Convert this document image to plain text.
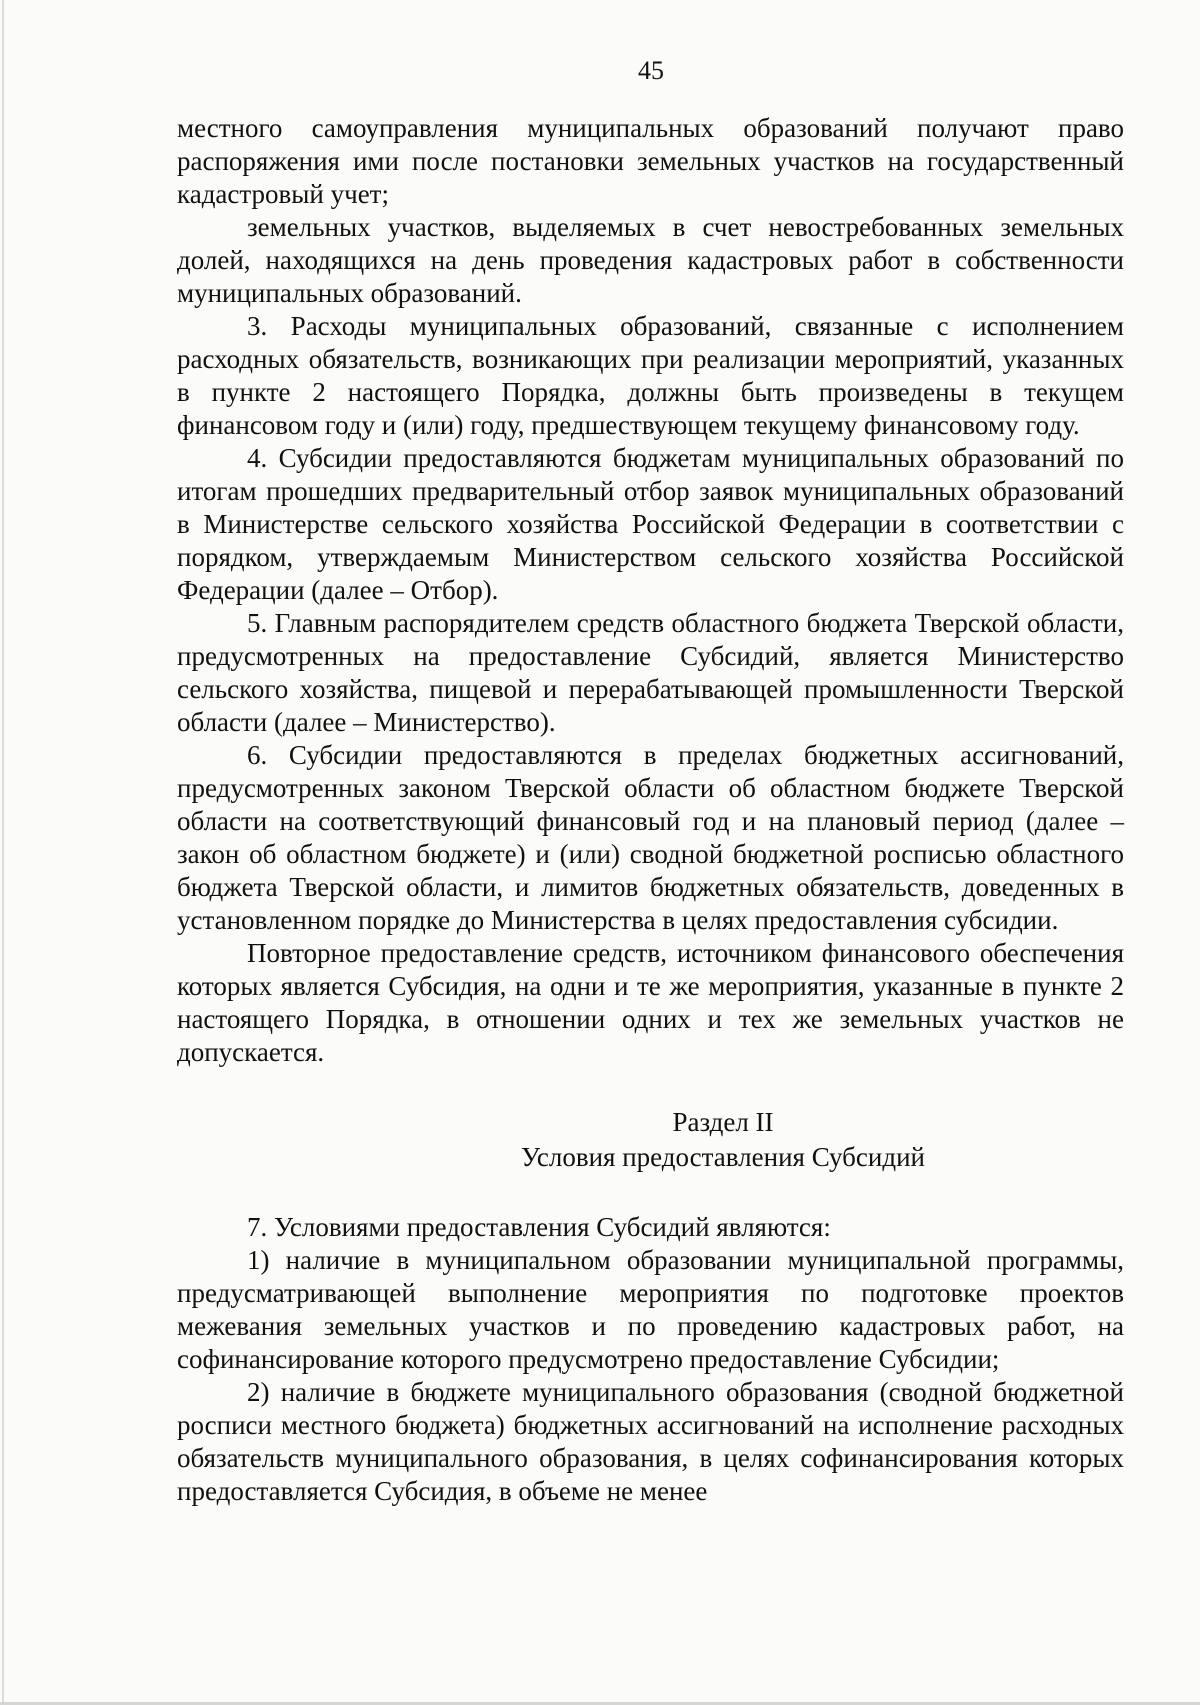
45

местного самоуправления муниципальных образований получают право распоряжения ими после постановки земельных участков на государственный кадастровый учет;

земельных участков, выделяемых в счет невостребованных земельных долей, находящихся на день проведения кадастровых работ в собственности муниципальных образований.

3. Расходы муниципальных образований, связанные с исполнением расходных обязательств, возникающих при реализации мероприятий, указанных в пункте 2 настоящего Порядка, должны быть произведены в текущем финансовом году и (или) году, предшествующем текущему финансовому году.

4. Субсидии предоставляются бюджетам муниципальных образований по итогам прошедших предварительный отбор заявок муниципальных образований в Министерстве сельского хозяйства Российской Федерации в соответствии с порядком, утверждаемым Министерством сельского хозяйства Российской Федерации (далее – Отбор).

5. Главным распорядителем средств областного бюджета Тверской области, предусмотренных на предоставление Субсидий, является Министерство сельского хозяйства, пищевой и перерабатывающей промышленности Тверской области (далее – Министерство).

6. Субсидии предоставляются в пределах бюджетных ассигнований, предусмотренных законом Тверской области об областном бюджете Тверской области на соответствующий финансовый год и на плановый период (далее – закон об областном бюджете) и (или) сводной бюджетной росписью областного бюджета Тверской области, и лимитов бюджетных обязательств, доведенных в установленном порядке до Министерства в целях предоставления субсидии.

Повторное предоставление средств, источником финансового обеспечения которых является Субсидия, на одни и те же мероприятия, указанные в пункте 2 настоящего Порядка, в отношении одних и тех же земельных участков не допускается.

Раздел II
Условия предоставления Субсидий

7. Условиями предоставления Субсидий являются:

1) наличие в муниципальном образовании муниципальной программы, предусматривающей выполнение мероприятия по подготовке проектов межевания земельных участков и по проведению кадастровых работ, на софинансирование которого предусмотрено предоставление Субсидии;

2) наличие в бюджете муниципального образования (сводной бюджетной росписи местного бюджета) бюджетных ассигнований на исполнение расходных обязательств муниципального образования, в целях софинансирования которых предоставляется Субсидия, в объеме не менее
